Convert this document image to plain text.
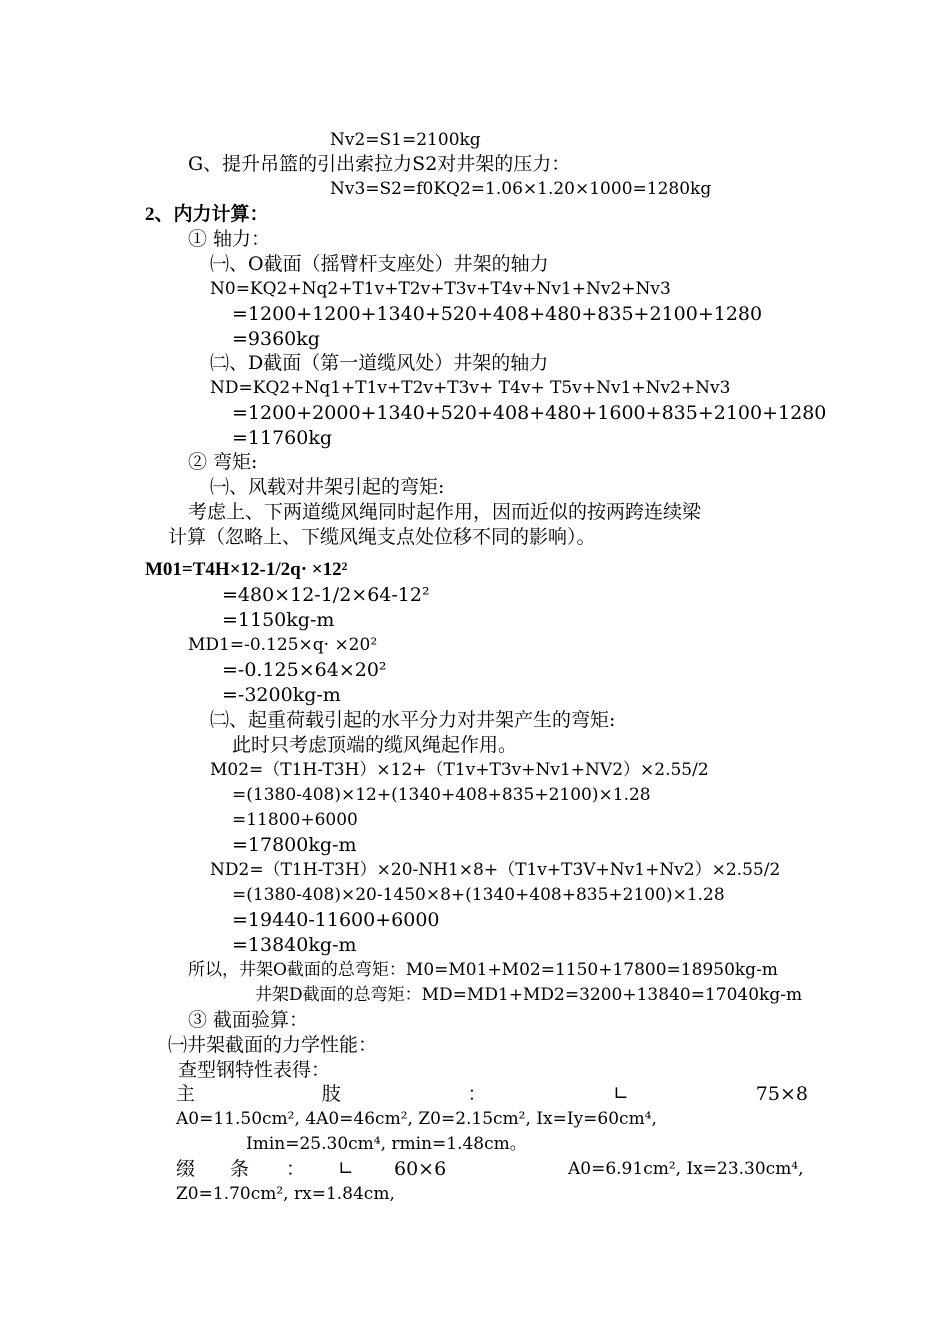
Nv2=S1=2100kg
G、提升吊篮的引出索拉力S2对井架的压力：
Nv3=S2=f0KQ2=1.06×1.20×1000=1280kg
2、内力计算：
① 轴力：
㈠、O截面（摇臂杆支座处）井架的轴力
N0=KQ2+Nq2+T1v+T2v+T3v+T4v+Nv1+Nv2+Nv3
=1200+1200+1340+520+408+480+835+2100+1280
=9360kg
㈡、D截面（第一道缆风处）井架的轴力
ND=KQ2+Nq1+T1v+T2v+T3v+ T4v+ T5v+Nv1+Nv2+Nv3
=1200+2000+1340+520+408+480+1600+835+2100+1280
=11760kg
② 弯矩:
㈠、风载对井架引起的弯矩:
考虑上、下两道缆风绳同时起作用，因而近似的按两跨连续梁
计算（忽略上、下缆风绳支点处位移不同的影响）。
M01=T4H×12-1/2q· ×12²
=480×12-1/2×64-12²
=1150kg-m
MD1=-0.125×q· ×20²
=-0.125×64×20²
=-3200kg-m
㈡、起重荷载引起的水平分力对井架产生的弯矩:
此时只考虑顶端的缆风绳起作用。
M02=（T1H-T3H）×12+（T1v+T3v+Nv1+NV2）×2.55/2
=(1380-408)×12+(1340+408+835+2100)×1.28
=11800+6000
=17800kg-m
ND2=（T1H-T3H）×20-NH1×8+（T1v+T3V+Nv1+Nv2）×2.55/2
=(1380-408)×20-1450×8+(1340+408+835+2100)×1.28
=19440-11600+6000
=13840kg-m
所以，井架O截面的总弯矩：M0=M01+M02=1150+17800=18950kg-m
井架D截面的总弯矩：MD=MD1+MD2=3200+13840=17040kg-m
③ 截面验算：
㈠井架截面的力学性能：
查型钢特性表得：
主	肢	：	∟	75×8
A0=11.50cm², 4A0=46cm², Z0=2.15cm², Ix=Iy=60cm⁴,
Imin=25.30cm⁴, rmin=1.48cm。
缀 条 ： ∟ 60×6	A0=6.91cm², Ix=23.30cm⁴,
Z0=1.70cm², rx=1.84cm,
